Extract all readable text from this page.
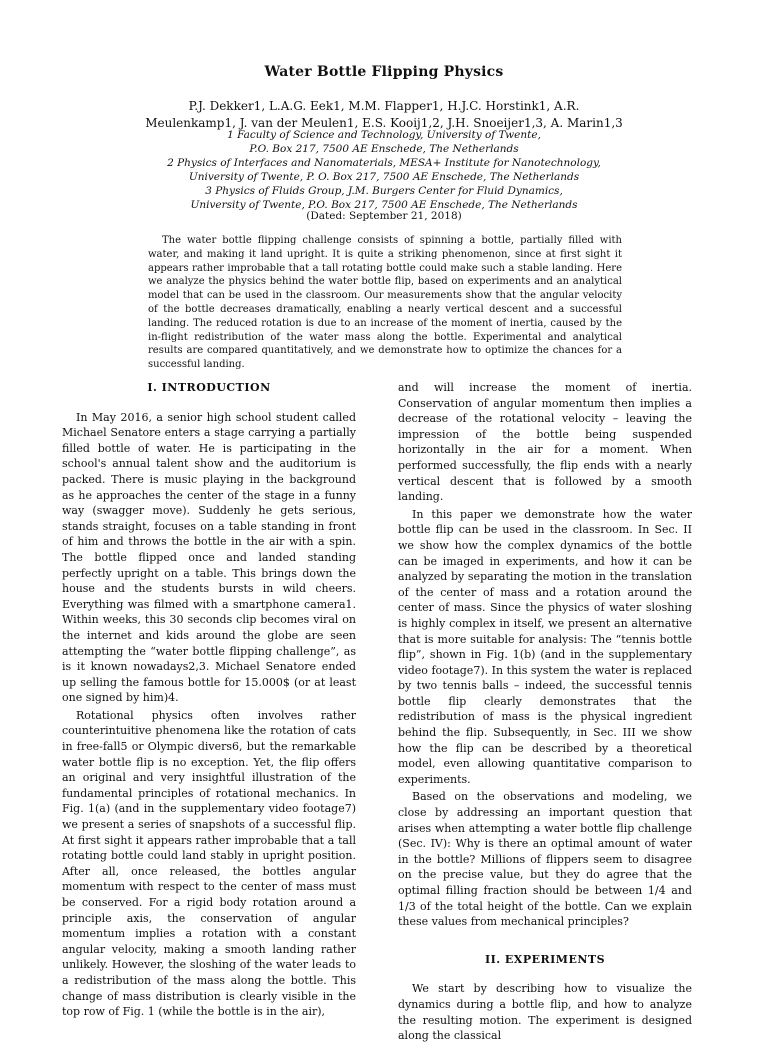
Water Bottle Flipping Physics
P.J. Dekker1, L.A.G. Eek1, M.M. Flapper1, H.J.C. Horstink1, A.R.
Meulenkamp1, J. van der Meulen1, E.S. Kooij1,2, J.H. Snoeijer1,3, A. Marin1,3
1 Faculty of Science and Technology, University of Twente,
P.O. Box 217, 7500 AE Enschede, The Netherlands
2 Physics of Interfaces and Nanomaterials, MESA+ Institute for Nanotechnology,
University of Twente, P. O. Box 217, 7500 AE Enschede, The Netherlands
3 Physics of Fluids Group, J.M. Burgers Center for Fluid Dynamics,
University of Twente, P.O. Box 217, 7500 AE Enschede, The Netherlands
(Dated: September 21, 2018)
The water bottle flipping challenge consists of spinning a bottle, partially filled with water, and making it land upright. It is quite a striking phenomenon, since at first sight it appears rather improbable that a tall rotating bottle could make such a stable landing. Here we analyze the physics behind the water bottle flip, based on experiments and an analytical model that can be used in the classroom. Our measurements show that the angular velocity of the bottle decreases dramatically, enabling a nearly vertical descent and a successful landing. The reduced rotation is due to an increase of the moment of inertia, caused by the in-flight redistribution of the water mass along the bottle. Experimental and analytical results are compared quantitatively, and we demonstrate how to optimize the chances for a successful landing.
I. INTRODUCTION

In May 2016, a senior high school student called Michael Senatore enters a stage carrying a partially filled bottle of water. He is participating in the school's annual talent show and the auditorium is packed. There is music playing in the background as he approaches the center of the stage in a funny way (swagger move). Suddenly he gets serious, stands straight, focuses on a table standing in front of him and throws the bottle in the air with a spin. The bottle flipped once and landed standing perfectly upright on a table. This brings down the house and the students bursts in wild cheers. Everything was filmed with a smartphone camera1. Within weeks, this 30 seconds clip becomes viral on the internet and kids around the globe are seen attempting the “water bottle flipping challenge”, as is it known nowadays2,3. Michael Senatore ended up selling the famous bottle for 15.000$ (or at least one signed by him)4.

Rotational physics often involves rather counterintuitive phenomena like the rotation of cats in free-fall5 or Olympic divers6, but the remarkable water bottle flip is no exception. Yet, the flip offers an original and very insightful illustration of the fundamental principles of rotational mechanics. In Fig. 1(a) (and in the supplementary video footage7) we present a series of snapshots of a successful flip. At first sight it appears rather improbable that a tall rotating bottle could land stably in upright position. After all, once released, the bottles angular momentum with respect to the center of mass must be conserved. For a rigid body rotation around a principle axis, the conservation of angular momentum implies a rotation with a constant angular velocity, making a smooth landing rather unlikely. However, the sloshing of the water leads to a redistribution of the mass along the bottle. This change of mass distribution is clearly visible in the top row of Fig. 1 (while the bottle is in the air),

and will increase the moment of inertia. Conservation of angular momentum then implies a decrease of the rotational velocity – leaving the impression of the bottle being suspended horizontally in the air for a moment. When performed successfully, the flip ends with a nearly vertical descent that is followed by a smooth landing.

In this paper we demonstrate how the water bottle flip can be used in the classroom. In Sec. II we show how the complex dynamics of the bottle can be imaged in experiments, and how it can be analyzed by separating the motion in the translation of the center of mass and a rotation around the center of mass. Since the physics of water sloshing is highly complex in itself, we present an alternative that is more suitable for analysis: The “tennis bottle flip”, shown in Fig. 1(b) (and in the supplementary video footage7). In this system the water is replaced by two tennis balls – indeed, the successful tennis bottle flip clearly demonstrates that the redistribution of mass is the physical ingredient behind the flip. Subsequently, in Sec. III we show how the flip can be described by a theoretical model, even allowing quantitative comparison to experiments.

Based on the observations and modeling, we close by addressing an important question that arises when attempting a water bottle flip challenge (Sec. IV): Why is there an optimal amount of water in the bottle? Millions of flippers seem to disagree on the precise value, but they do agree that the optimal filling fraction should be between 1/4 and 1/3 of the total height of the bottle. Can we explain these values from mechanical principles?

II. EXPERIMENTS

We start by describing how to visualize the dynamics during a bottle flip, and how to analyze the resulting motion. The experiment is designed along the classical
